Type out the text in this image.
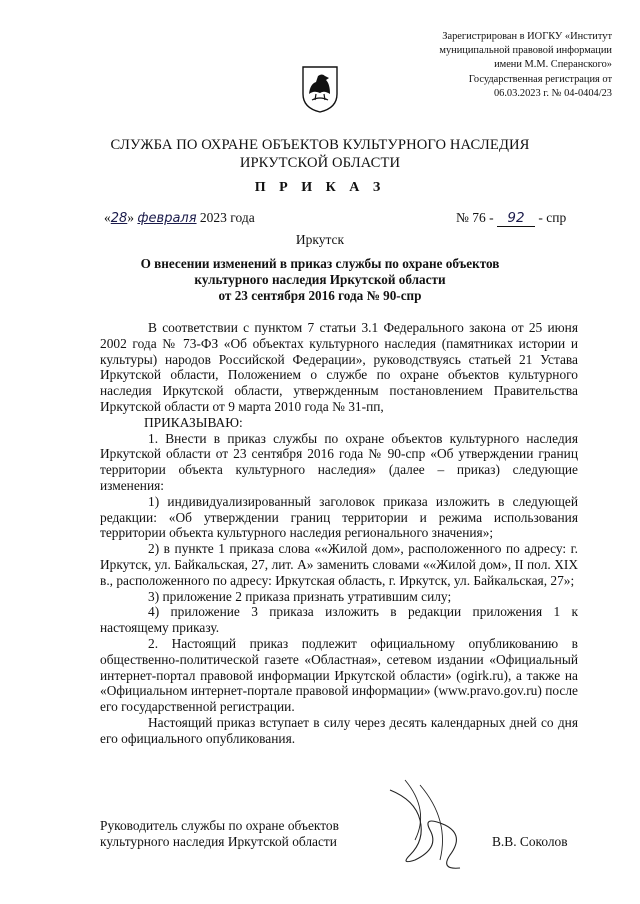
Зарегистрирован в ИОГКУ «Институт
муниципальной правовой информации
имени М.М. Сперанского»
Государственная регистрация от
06.03.2023 г. № 04-0404/23
СЛУЖБА ПО ОХРАНЕ ОБЪЕКТОВ КУЛЬТУРНОГО НАСЛЕДИЯ
ИРКУТСКОЙ ОБЛАСТИ
П Р И К А З
«28» февраля 2023 года	№ 76 - 92 - спр
Иркутск
О внесении изменений в приказ службы по охране объектов
культурного наследия Иркутской области
от 23 сентября 2016 года № 90-спр

В соответствии с пунктом 7 статьи 3.1 Федерального закона от 25 июня 2002 года № 73-ФЗ «Об объектах культурного наследия (памятниках истории и культуры) народов Российской Федерации», руководствуясь статьей 21 Устава Иркутской области, Положением о службе по охране объектов культурного наследия Иркутской области, утвержденным постановлением Правительства Иркутской области от 9 марта 2010 года № 31-пп,

ПРИКАЗЫВАЮ:

1. Внести в приказ службы по охране объектов культурного наследия Иркутской области от 23 сентября 2016 года № 90-спр «Об утверждении границ территории объекта культурного наследия» (далее – приказ) следующие изменения:

1) индивидуализированный заголовок приказа изложить в следующей редакции: «Об утверждении границ территории и режима использования территории объекта культурного наследия регионального значения»;

2) в пункте 1 приказа слова ««Жилой дом», расположенного по адресу: г. Иркутск, ул. Байкальская, 27, лит. А» заменить словами ««Жилой дом», II пол. XIX в., расположенного по адресу: Иркутская область, г. Иркутск, ул. Байкальская, 27»;

3) приложение 2 приказа признать утратившим силу;

4) приложение 3 приказа изложить в редакции приложения 1 к настоящему приказу.

2. Настоящий приказ подлежит официальному опубликованию в общественно-политической газете «Областная», сетевом издании «Официальный интернет-портал правовой информации Иркутской области» (ogirk.ru), а также на «Официальном интернет-портале правовой информации» (www.pravo.gov.ru) после его государственной регистрации.

Настоящий приказ вступает в силу через десять календарных дней со дня его официального опубликования.

Руководитель службы по охране объектов
культурного наследия Иркутской области	В.В. Соколов
